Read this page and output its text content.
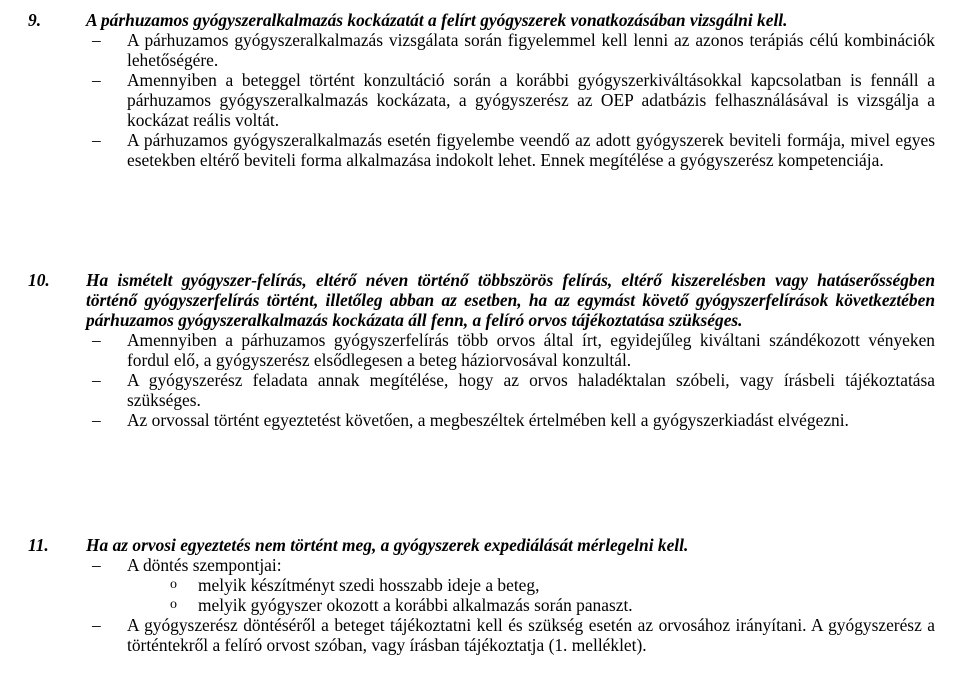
9.	A párhuzamos gyógyszeralkalmazás kockázatát a felírt gyógyszerek vonatkozásában vizsgálni kell.
– A párhuzamos gyógyszeralkalmazás vizsgálata során figyelemmel kell lenni az azonos terápiás célú kombinációk lehetőségére.
– Amennyiben a beteggel történt konzultáció során a korábbi gyógyszerkiváltásokkal kapcsolatban is fennáll a párhuzamos gyógyszeralkalmazás kockázata, a gyógyszerész az OEP adatbázis felhasználásával is vizsgálja a kockázat reális voltát.
– A párhuzamos gyógyszeralkalmazás esetén figyelembe veendő az adott gyógyszerek beviteli formája, mivel egyes esetekben eltérő beviteli forma alkalmazása indokolt lehet. Ennek megítélése a gyógyszerész kompetenciája.
10. Ha ismételt gyógyszer-felírás, eltérő néven történő többszörös felírás, eltérő kiszerelésben vagy hatáserősségben történő gyógyszerfelírás történt, illetőleg abban az esetben, ha az egymást követő gyógyszerfelírások következtében párhuzamos gyógyszeralkalmazás kockázata áll fenn, a felíró orvos tájékoztatása szükséges.
– Amennyiben a párhuzamos gyógyszerfelírás több orvos által írt, egyidejűleg kiváltani szándékozott vényeken fordul elő, a gyógyszerész elsődlegesen a beteg háziorvosával konzultál.
– A gyógyszerész feladata annak megítélése, hogy az orvos haladéktalan szóbeli, vagy írásbeli tájékoztatása szükséges.
– Az orvossal történt egyeztetést követően, a megbeszéltek értelmében kell a gyógyszerkiadást elvégezni.
11. Ha az orvosi egyeztetés nem történt meg, a gyógyszerek expediálását mérlegelni kell.
– A döntés szempontjai:
o melyik készítményt szedi hosszabb ideje a beteg,
o melyik gyógyszer okozott a korábbi alkalmazás során panaszt.
– A gyógyszerész döntéséről a beteget tájékoztatni kell és szükség esetén az orvosához irányítani. A gyógyszerész a történtekről a felíró orvost szóban, vagy írásban tájékoztatja (1. melléklet).
